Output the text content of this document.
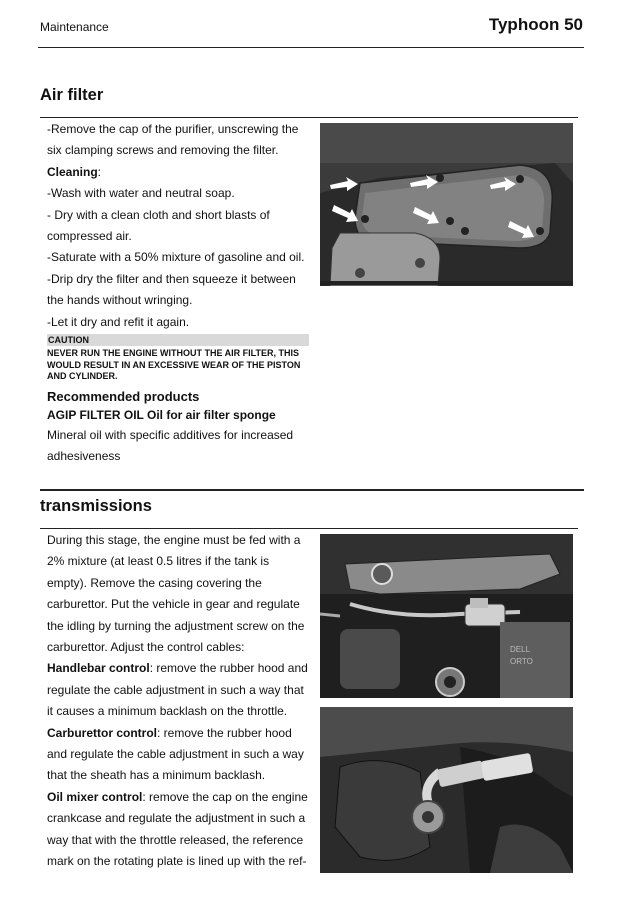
Maintenance	Typhoon 50
Air filter

-Remove the cap of the purifier, unscrewing the six clamping screws and removing the filter.

Cleaning:

-Wash with water and neutral soap.

- Dry with a clean cloth and short blasts of compressed air.

-Saturate with a 50% mixture of gasoline and oil.

-Drip dry the filter and then squeeze it between the hands without wringing.

-Let it dry and refit it again.

CAUTION
NEVER RUN THE ENGINE WITHOUT THE AIR FILTER, THIS WOULD RESULT IN AN EXCESSIVE WEAR OF THE PISTON AND CYLINDER.
Recommended products
AGIP FILTER OIL Oil for air filter sponge

Mineral oil with specific additives for increased adhesiveness

transmissions

During this stage, the engine must be fed with a 2% mixture (at least 0.5 litres if the tank is empty). Remove the casing covering the carburettor. Put the vehicle in gear and regulate the idling by turning the adjustment screw on the carburettor. Adjust the control cables:

Handlebar control: remove the rubber hood and regulate the cable adjustment in such a way that it causes a minimum backlash on the throttle.

Carburettor control: remove the rubber hood and regulate the cable adjustment in such a way that the sheath has a minimum backlash.

Oil mixer control: remove the cap on the engine crankcase and regulate the adjustment in such a way that with the throttle released, the reference mark on the rotating plate is lined up with the ref-

DELL
ORTO
